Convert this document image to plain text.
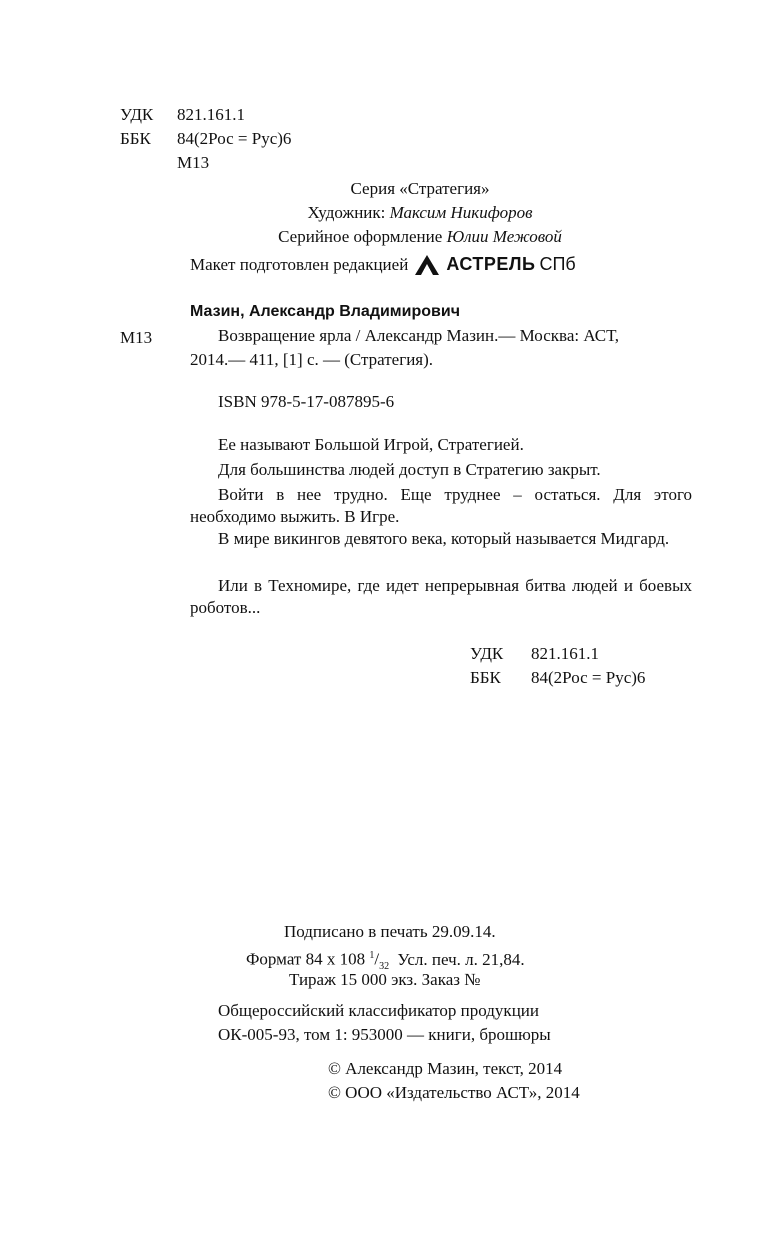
УДК 821.161.1
ББК 84(2Рос = Рус)6
М13
Серия «Стратегия»
Художник: Максим Никифоров
Серийное оформление Юлии Межовой
Макет подготовлен редакцией АСТРЕЛЬ СПб
Мазин, Александр Владимирович
М13	Возвращение ярла / Александр Мазин.— Москва: АСТ,
2014.— 411, [1] с. — (Стратегия).
ISBN 978-5-17-087895-6
Ее называют Большой Игрой, Стратегией.
Для большинства людей доступ в Стратегию закрыт.
Войти в нее трудно. Еще труднее – остаться. Для этого необходимо выжить. В Игре.
В мире викингов девятого века, который называется Мидгард.
Или в Техномире, где идет непрерывная битва людей и боевых роботов...
УДК 821.161.1
ББК 84(2Рос = Рус)6
Подписано в печать 29.09.14.
Формат 84 x 108 $^1/_{32}$ Усл. печ. л. 21,84.
Тираж 15 000 экз. Заказ №
Общероссийский классификатор продукции
ОК-005-93, том 1: 953000 — книги, брошюры
© Александр Мазин, текст, 2014
© ООО «Издательство АСТ», 2014
